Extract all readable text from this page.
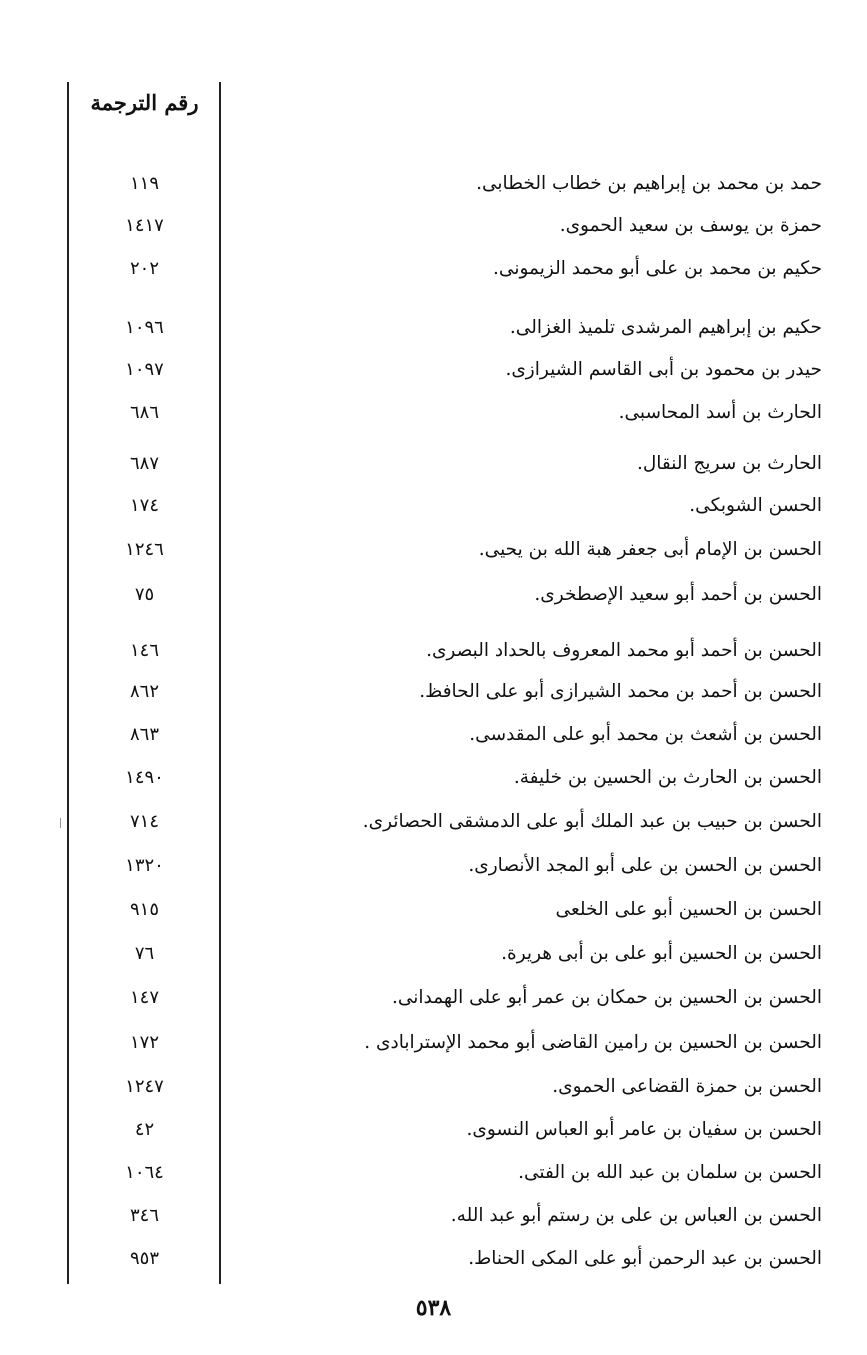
رقم الترجمة
حمد بن محمد بن إبراهيم بن خطاب الخطابى.
١١٩
حمزة بن يوسف بن سعيد الحموى.
١٤١٧
حكيم بن محمد بن على أبو محمد الزيمونى.
٢٠٢
حكيم بن إبراهيم المرشدى تلميذ الغزالى.
١٠٩٦
حيدر بن محمود بن أبى القاسم الشيرازى.
١٠٩٧
الحارث بن أسد المحاسبى.
٦٨٦
الحارث بن سريج النقال.
٦٨٧
الحسن الشوبكى.
١٧٤
الحسن بن الإمام أبى جعفر هبة الله بن يحيى.
١٢٤٦
الحسن بن أحمد أبو سعيد الإصطخرى.
٧٥
الحسن بن أحمد أبو محمد المعروف بالحداد البصرى.
١٤٦
الحسن بن أحمد بن محمد الشيرازى أبو على الحافظ.
٨٦٢
الحسن بن أشعث بن محمد أبو على المقدسى.
٨٦٣
الحسن بن الحارث بن الحسين بن خليفة.
١٤٩٠
الحسن بن حبيب بن عبد الملك أبو على الدمشقى الحصائرى.
٧١٤
الحسن بن الحسن بن على أبو المجد الأنصارى.
١٣٢٠
الحسن بن الحسين أبو على الخلعى
٩١٥
الحسن بن الحسين أبو على بن أبى هريرة.
٧٦
الحسن بن الحسين بن حمكان بن عمر أبو على الهمدانى.
١٤٧
الحسن بن الحسين بن رامين القاضى أبو محمد الإسترابادى .
١٧٢
الحسن بن حمزة القضاعى الحموى.
١٢٤٧
الحسن بن سفيان بن عامر أبو العباس النسوى.
٤٢
الحسن بن سلمان بن عبد الله بن الفتى.
١٠٦٤
الحسن بن العباس بن على بن رستم أبو عبد الله.
٣٤٦
الحسن بن عبد الرحمن أبو على المكى الحناط.
٩٥٣
٥٣٨
